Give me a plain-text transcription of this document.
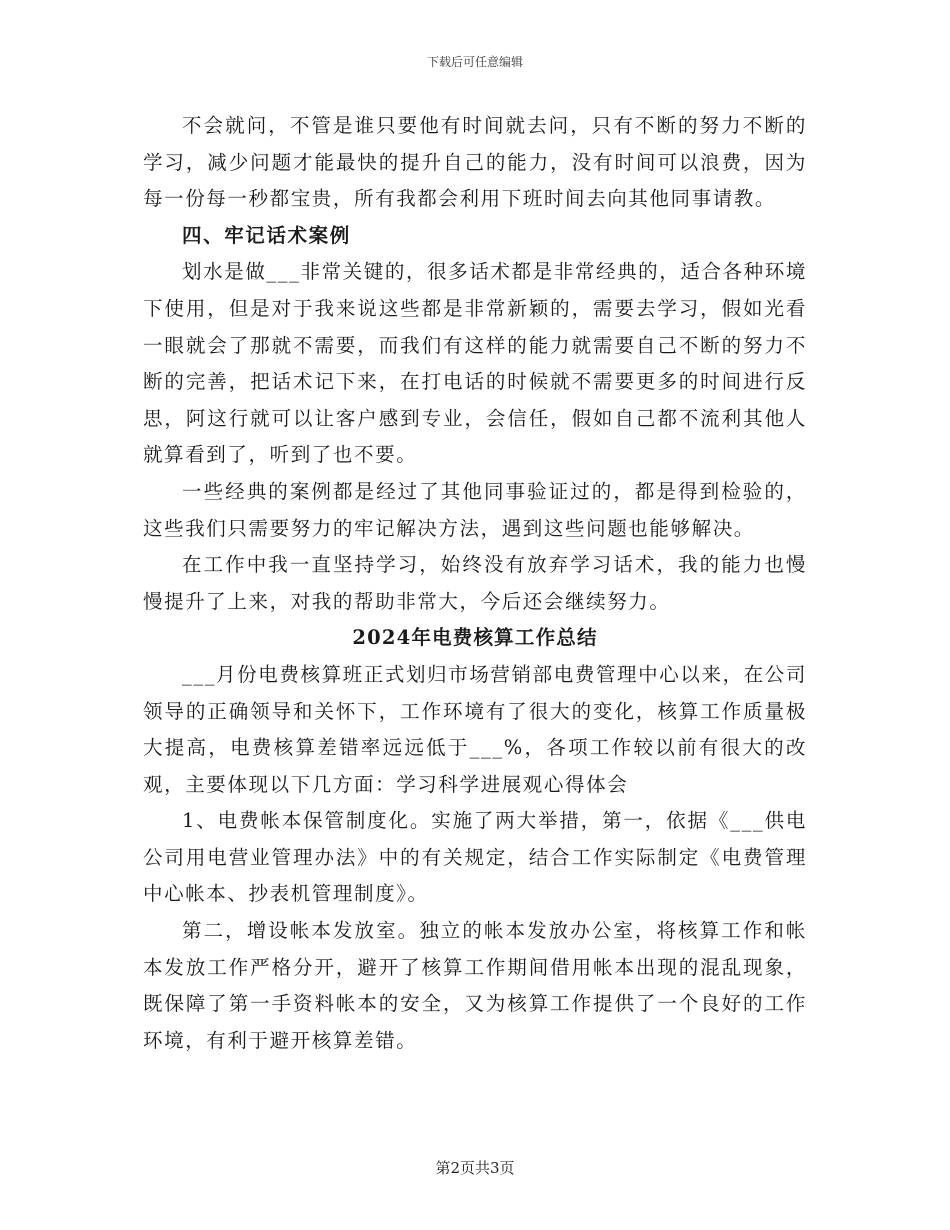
下载后可任意编辑

不会就问，不管是谁只要他有时间就去问，只有不断的努力不断的学习，减少问题才能最快的提升自己的能力，没有时间可以浪费，因为每一份每一秒都宝贵，所有我都会利用下班时间去向其他同事请教。

四、牢记话术案例

划水是做___非常关键的，很多话术都是非常经典的，适合各种环境下使用，但是对于我来说这些都是非常新颖的，需要去学习，假如光看一眼就会了那就不需要，而我们有这样的能力就需要自己不断的努力不断的完善，把话术记下来，在打电话的时候就不需要更多的时间进行反思，阿这行就可以让客户感到专业，会信任，假如自己都不流利其他人就算看到了，听到了也不要。

一些经典的案例都是经过了其他同事验证过的，都是得到检验的，这些我们只需要努力的牢记解决方法，遇到这些问题也能够解决。

在工作中我一直坚持学习，始终没有放弃学习话术，我的能力也慢慢提升了上来，对我的帮助非常大，今后还会继续努力。

2024年电费核算工作总结

___月份电费核算班正式划归市场营销部电费管理中心以来，在公司领导的正确领导和关怀下，工作环境有了很大的变化，核算工作质量极大提高，电费核算差错率远远低于___%，各项工作较以前有很大的改观，主要体现以下几方面：学习科学进展观心得体会

1、电费帐本保管制度化。实施了两大举措，第一，依据《___供电公司用电营业管理办法》中的有关规定，结合工作实际制定《电费管理中心帐本、抄表机管理制度》。

第二，增设帐本发放室。独立的帐本发放办公室，将核算工作和帐本发放工作严格分开，避开了核算工作期间借用帐本出现的混乱现象，既保障了第一手资料帐本的安全，又为核算工作提供了一个良好的工作环境，有利于避开核算差错。

第2页共3页
